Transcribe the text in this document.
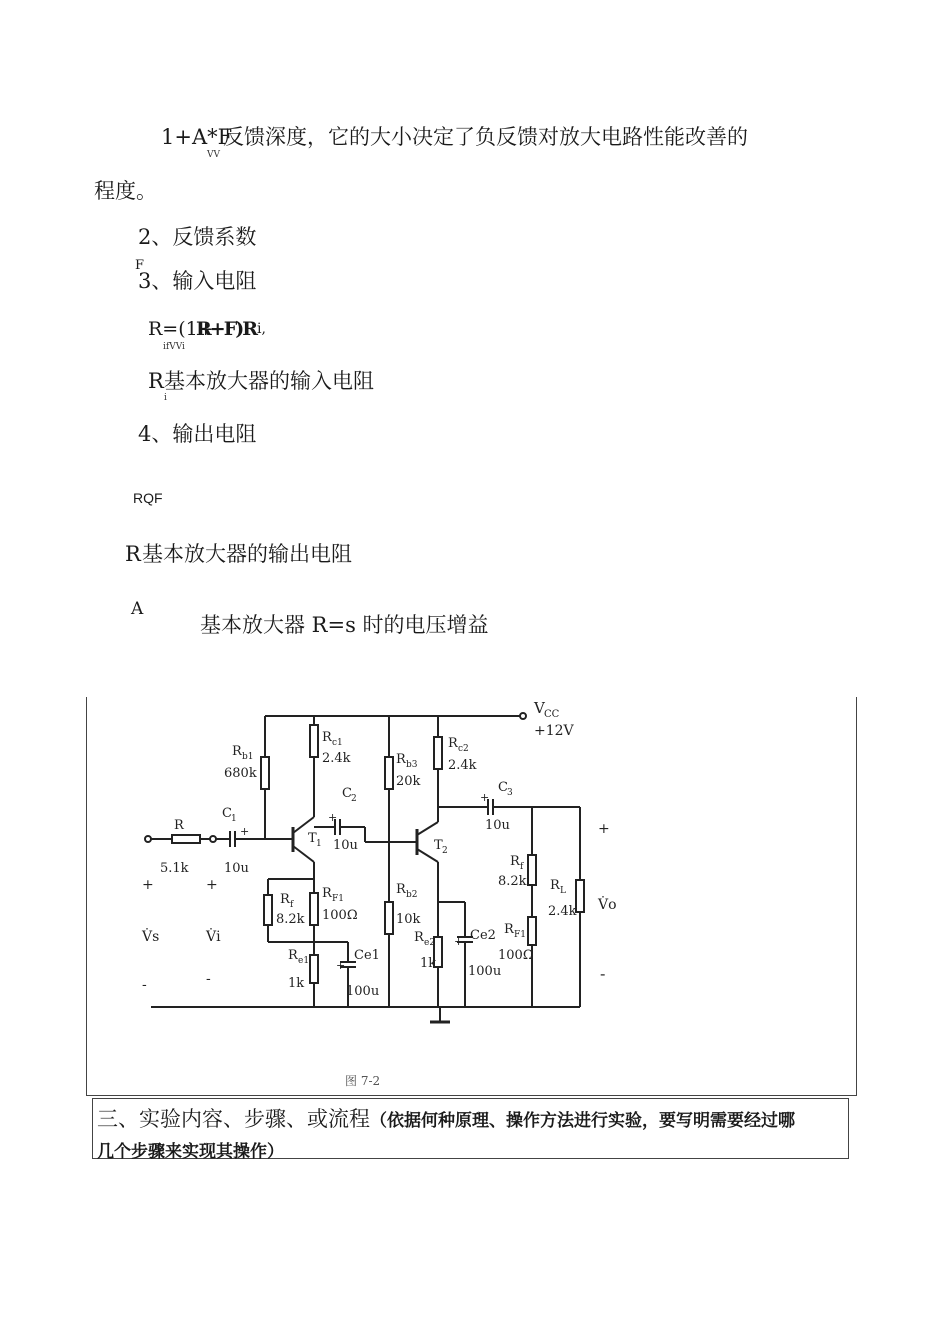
1+A*F
VV
反馈深度，它的大小决定了负反馈对放大电路性能改善的
程度。
2、反馈系数
F
3、输入电阻
R=(1+
R+F)R i,
ifVVi
R
i
基本放大器的输入电阻
4、输出电阻
RQF
R 基本放大器的输出电阻
A
基本放大器 R=s 时的电压增益
V CC
+12V
R b1
680k
R c1
2.4k
C 2
+
10u
R b3
20k
R c2
2.4k
C 3
+
10u
C 1
+
10u
R
5.1k
T 1	T 2
R f
8.2k
R F1
100Ω
R e1
1k
Ce1
+
100u
R b2
10k
R e2
1k
Ce2
+
100u
R f
8.2k
R F1
100Ω
R L
2.4k
+
V̇s
-
+
V̇i
-
+
V̇o
-
图 7-2
三、实验内容、步骤、或流程（依据何种原理、操作方法进行实验，要写明需要经过哪
几个步骤来实现其操作）
